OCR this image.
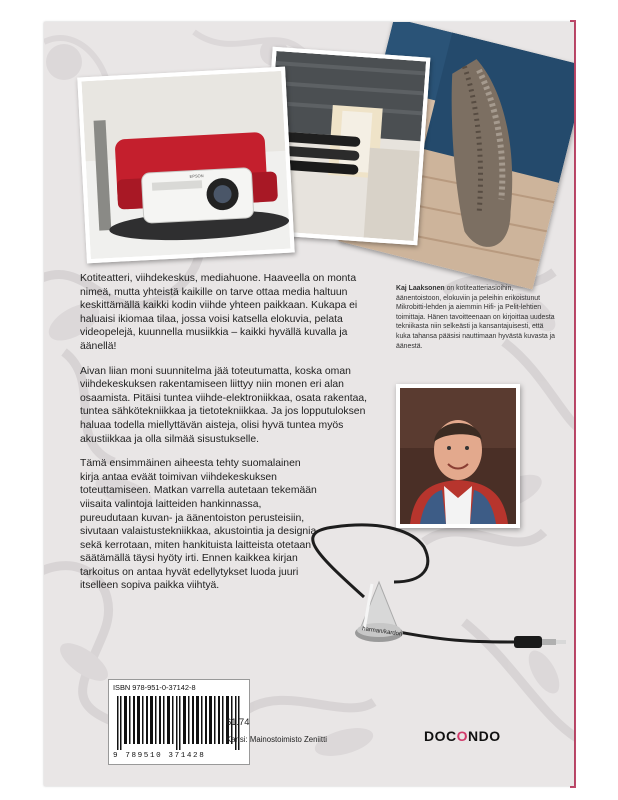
EPSON

Kotiteatteri, viihdekeskus, mediahuone. Haaveella on monta nimeä, mutta yhteistä kaikille on tarve ottaa media haltuun keskittämällä kaikki kodin viihde yhteen paikkaan. Kukapa ei haluaisi ikiomaa tilaa, jossa voisi katsella elokuvia, pelata videopelejä, kuunnella musiikkia – kaikki hyvällä kuvalla ja äänellä!

Aivan liian moni suunnitelma jää toteutumatta, koska oman viihdekeskuksen rakentamiseen liittyy niin monen eri alan osaamista. Pitäisi tuntea viihde-elektroniikkaa, osata rakentaa, tuntea sähkötekniikkaa ja tietotekniikkaa. Ja jos lopputuloksen haluaa todella miellyttävän aisteja, olisi hyvä tuntea myös akustiikkaa ja olla silmää sisustukselle.

Tämä ensimmäinen aiheesta tehty suomalainen kirja antaa eväät toimivan viihdekeskuksen toteuttamiseen. Matkan varrella autetaan tekemään viisaita valintoja laitteiden hankinnassa, pureudutaan kuvan- ja äänentoiston perusteisiin, sivutaan valaistustekniikkaa, akustointia ja designia sekä kerrotaan, miten hankituista laitteista otetaan säätämällä täysi hyöty irti. Ennen kaikkea kirjan tarkoitus on antaa hyvät edellytykset luoda juuri itselleen sopiva paikka viihtyä.

Kaj Laaksonen on kotiteatteriasioihin, äänentoistoon, elokuviin ja peleihin erikoistunut Mikrobitti-lehden ja aiemmin Hifi- ja Pelit-lehtien toimittaja. Hänen tavoitteenaan on kirjoittaa uudesta tekniikasta niin selkeästi ja kansantajuisesti, että kuka tahansa pääsisi nauttimaan hyvästä kuvasta ja äänestä.
harman/kardon
ISBN 978-951-0-37142-8
9 789510 371428
61.74
Kansi: Mainostoimisto Zeniitti	DOCONDO
